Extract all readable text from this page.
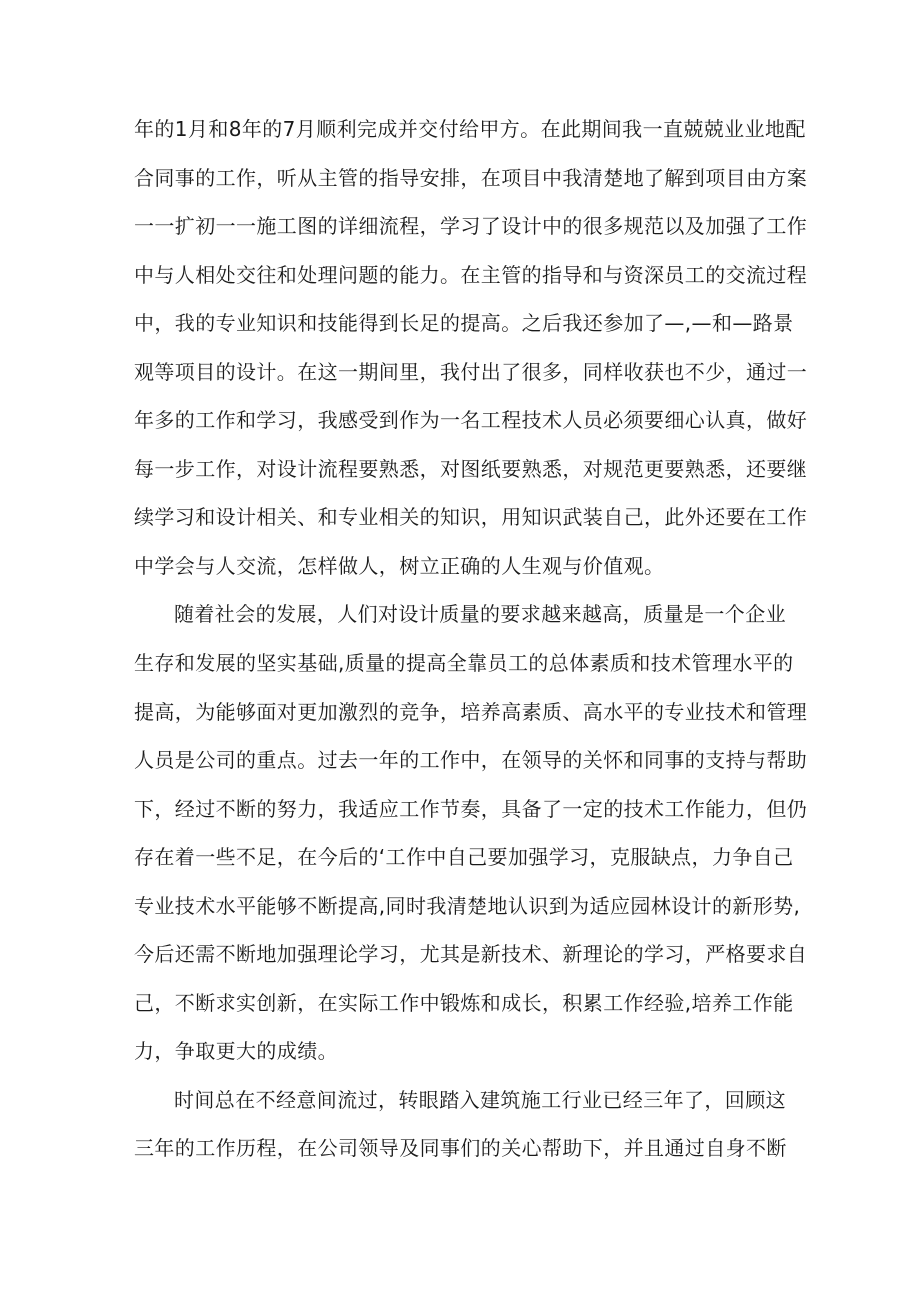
年的1月和8年的7月顺利完成并交付给甲方。在此期间我一直兢兢业业地配
合同事的工作，听从主管的指导安排，在项目中我清楚地了解到项目由方案
一一扩初一一施工图的详细流程，学习了设计中的很多规范以及加强了工作
中与人相处交往和处理问题的能力。在主管的指导和与资深员工的交流过程
中，我的专业知识和技能得到长足的提高。之后我还参加了—,—和—路景
观等项目的设计。在这一期间里，我付出了很多，同样收获也不少，通过一
年多的工作和学习，我感受到作为一名工程技术人员必须要细心认真，做好
每一步工作，对设计流程要熟悉，对图纸要熟悉，对规范更要熟悉，还要继
续学习和设计相关、和专业相关的知识，用知识武装自己，此外还要在工作
中学会与人交流，怎样做人，树立正确的人生观与价值观。
随着社会的发展，人们对设计质量的要求越来越高，质量是一个企业
生存和发展的坚实基础,质量的提高全靠员工的总体素质和技术管理水平的
提高，为能够面对更加激烈的竞争，培养高素质、高水平的专业技术和管理
人员是公司的重点。过去一年的工作中，在领导的关怀和同事的支持与帮助
下，经过不断的努力，我适应工作节奏，具备了一定的技术工作能力，但仍
存在着一些不足，在今后的‘工作中自己要加强学习，克服缺点，力争自己
专业技术水平能够不断提高,同时我清楚地认识到为适应园林设计的新形势,
今后还需不断地加强理论学习，尤其是新技术、新理论的学习，严格要求自
己，不断求实创新，在实际工作中锻炼和成长，积累工作经验,培养工作能
力，争取更大的成绩。
时间总在不经意间流过，转眼踏入建筑施工行业已经三年了，回顾这
三年的工作历程，在公司领导及同事们的关心帮助下，并且通过自身不断
